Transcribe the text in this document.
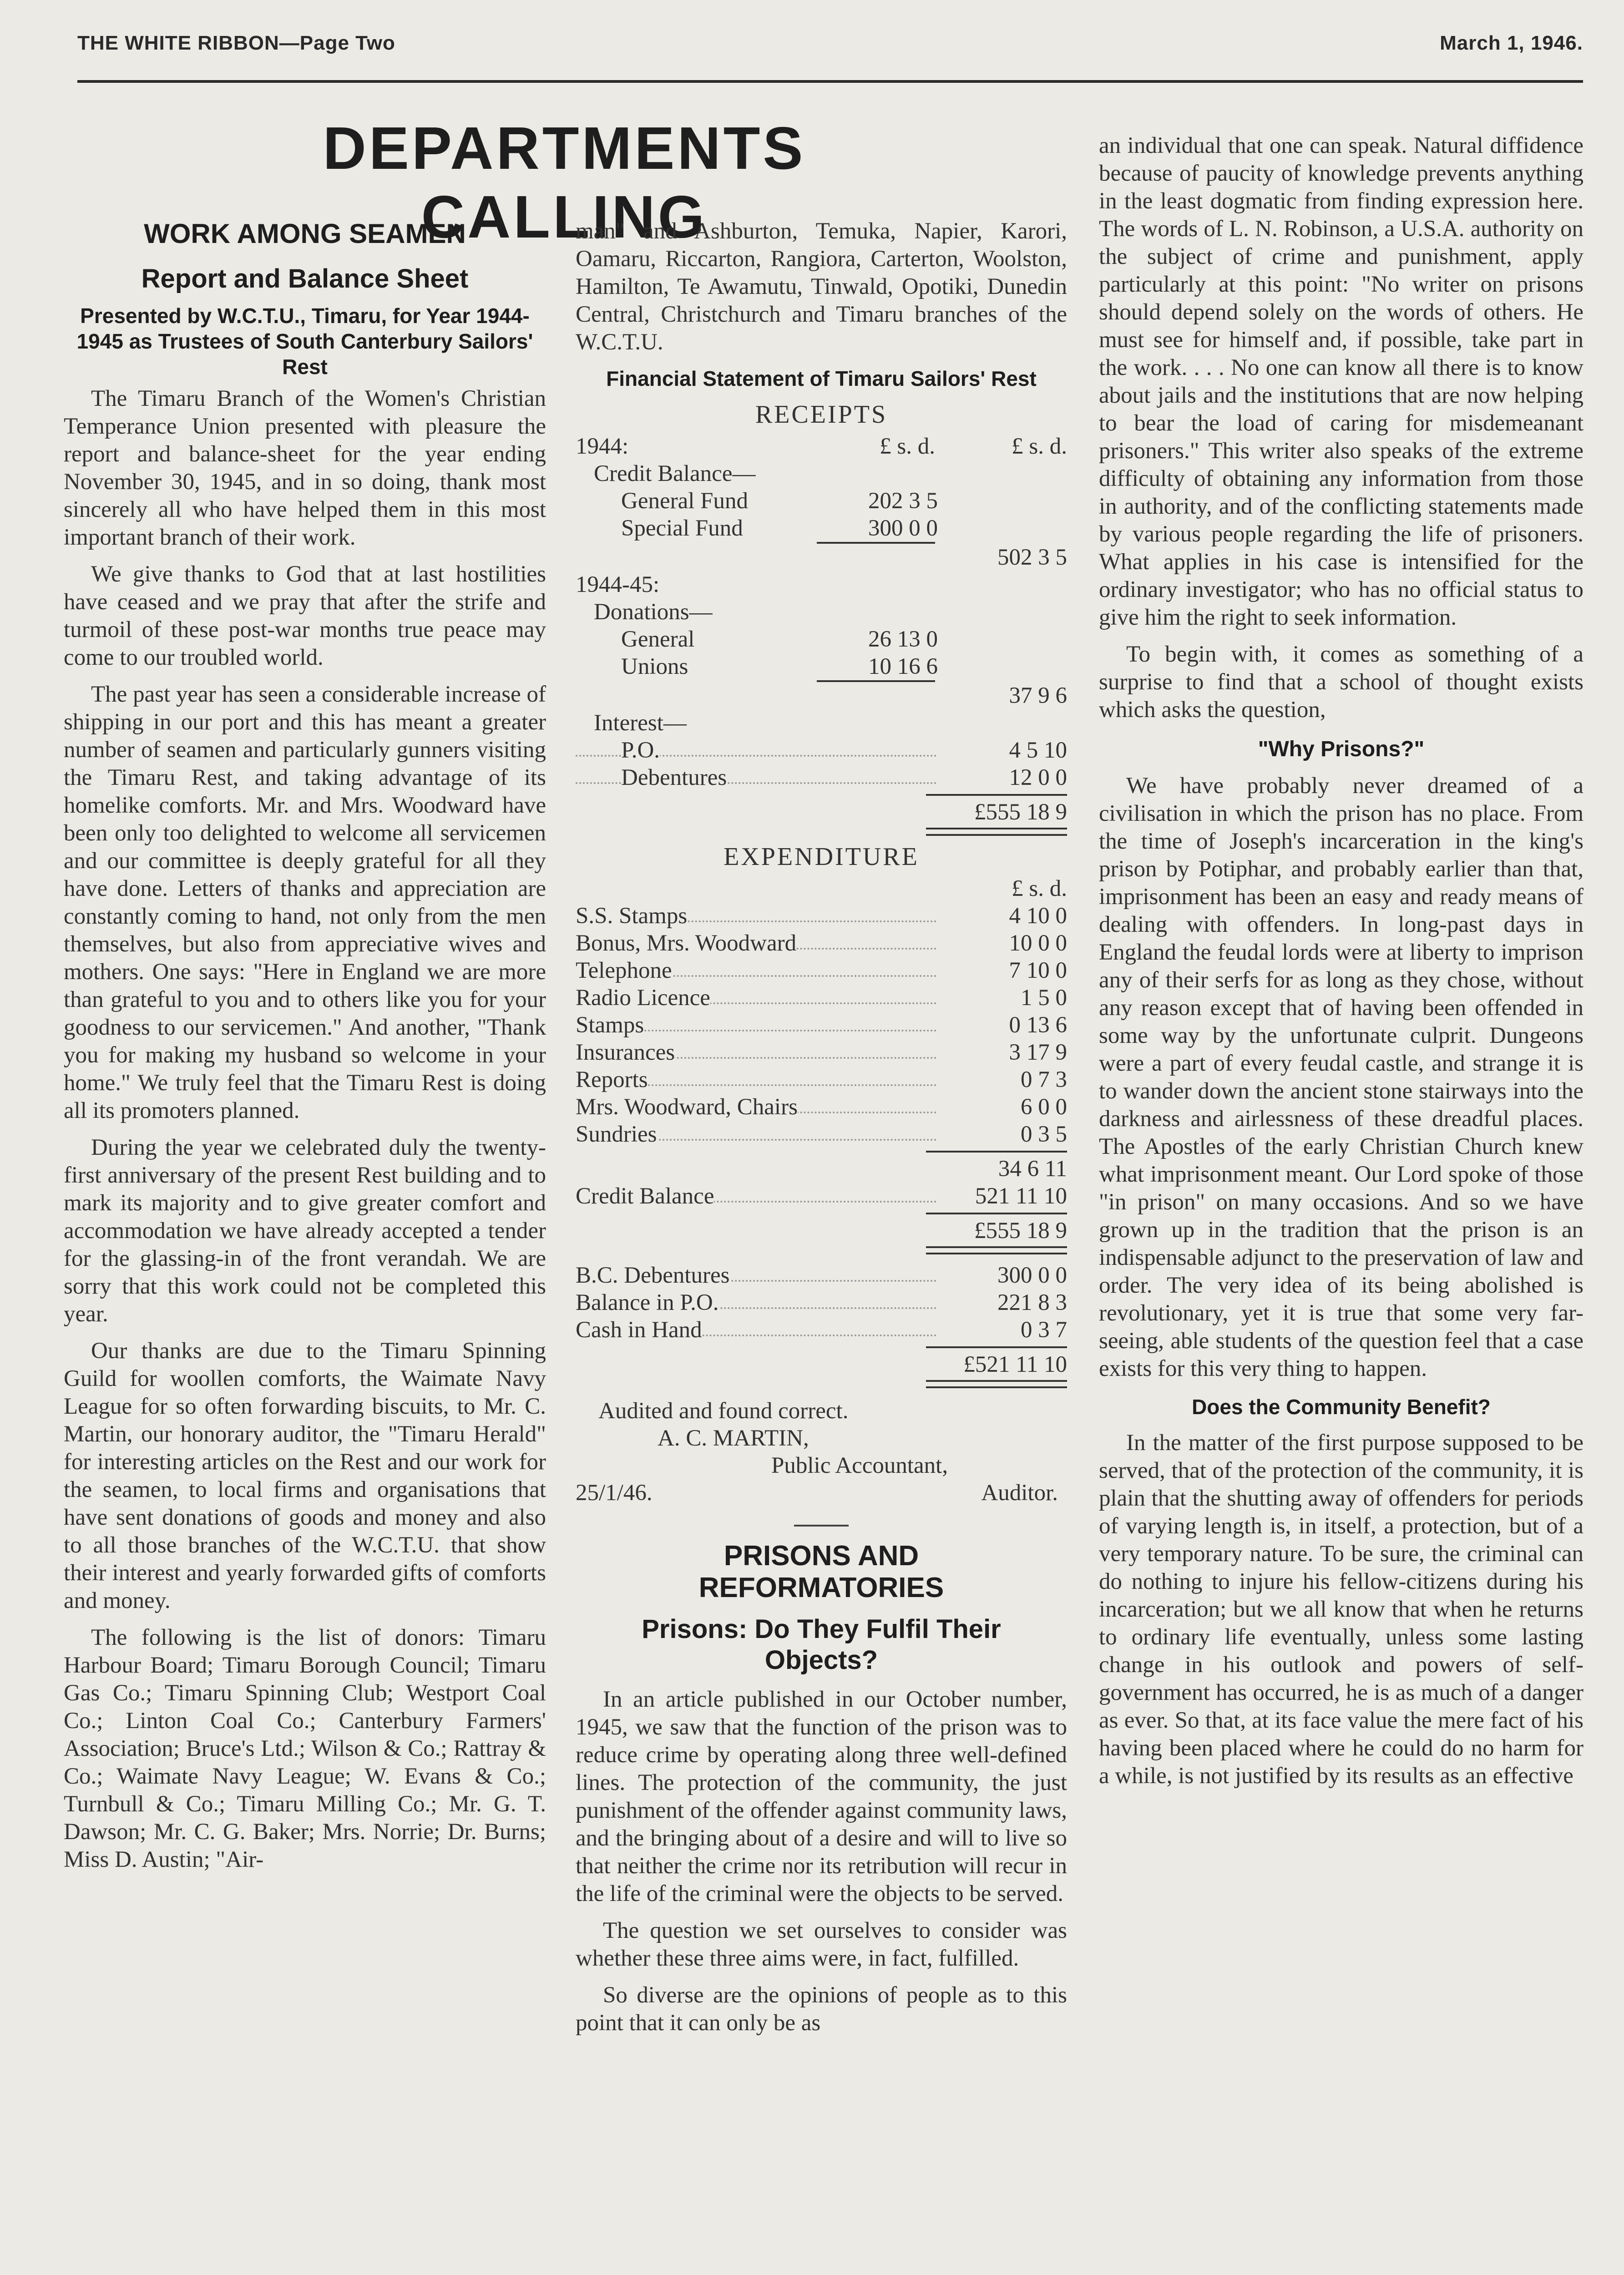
THE WHITE RIBBON—Page Two	March 1, 1946.
DEPARTMENTS CALLING
WORK AMONG SEAMEN
Report and Balance Sheet
Presented by W.C.T.U., Timaru, for Year 1944-1945 as Trustees of South Canterbury Sailors' Rest

The Timaru Branch of the Women's Christian Temperance Union presented with pleasure the report and balance-sheet for the year ending November 30, 1945, and in so doing, thank most sincerely all who have helped them in this most important branch of their work.

We give thanks to God that at last hostilities have ceased and we pray that after the strife and turmoil of these post-war months true peace may come to our troubled world.

The past year has seen a considerable increase of shipping in our port and this has meant a greater number of seamen and particularly gunners visiting the Timaru Rest, and taking advantage of its homelike comforts. Mr. and Mrs. Woodward have been only too delighted to welcome all servicemen and our committee is deeply grateful for all they have done. Letters of thanks and appreciation are constantly coming to hand, not only from the men themselves, but also from appreciative wives and mothers. One says: "Here in England we are more than grateful to you and to others like you for your goodness to our servicemen." And another, "Thank you for making my husband so welcome in your home." We truly feel that the Timaru Rest is doing all its promoters planned.

During the year we celebrated duly the twenty-first anniversary of the present Rest building and to mark its majority and to give greater comfort and accommodation we have already accepted a tender for the glassing-in of the front verandah. We are sorry that this work could not be completed this year.

Our thanks are due to the Timaru Spinning Guild for woollen comforts, the Waimate Navy League for so often forwarding biscuits, to Mr. C. Martin, our honorary auditor, the "Timaru Herald" for interesting articles on the Rest and our work for the seamen, to local firms and organisations that have sent donations of goods and money and also to all those branches of the W.C.T.U. that show their interest and yearly forwarded gifts of comforts and money.

The following is the list of donors: Timaru Harbour Board; Timaru Borough Council; Timaru Gas Co.; Timaru Spinning Club; Westport Coal Co.; Linton Coal Co.; Canterbury Farmers' Association; Bruce's Ltd.; Wilson & Co.; Rattray & Co.; Waimate Navy League; W. Evans & Co.; Turnbull & Co.; Timaru Milling Co.; Mr. G. T. Dawson; Mr. C. G. Baker; Mrs. Norrie; Dr. Burns; Miss D. Austin; "Air-

man" and Ashburton, Temuka, Napier, Karori, Oamaru, Riccarton, Rangiora, Carterton, Woolston, Hamilton, Te Awamutu, Tinwald, Opotiki, Dunedin Central, Christchurch and Timaru branches of the W.C.T.U.

Financial Statement of Timaru Sailors' Rest
RECEIPTS
1944:	£ s. d.	£ s. d.
Credit Balance—
General Fund	202 3 5
Special Fund	300 0 0
502 3 5
1944-45:
Donations—
General	26 13 0
Unions	10 16 6
37 9 6
Interest—
P.O.	4 5 10
Debentures	12 0 0
£555 18 9
EXPENDITURE
£ s. d.
S.S. Stamps	4 10 0
Bonus, Mrs. Woodward	10 0 0
Telephone	7 10 0
Radio Licence	1 5 0
Stamps	0 13 6
Insurances	3 17 9
Reports	0 7 3
Mrs. Woodward, Chairs	6 0 0
Sundries	0 3 5
34 6 11
Credit Balance	521 11 10
£555 18 9
B.C. Debentures	300 0 0
Balance in P.O.	221 8 3
Cash in Hand	0 3 7
£521 11 10
Audited and found correct.
A. C. MARTIN,
Public Accountant,
25/1/46.	Auditor.
PRISONS AND REFORMATORIES
Prisons: Do They Fulfil Their Objects?

In an article published in our October number, 1945, we saw that the function of the prison was to reduce crime by operating along three well-defined lines. The protection of the community, the just punishment of the offender against community laws, and the bringing about of a desire and will to live so that neither the crime nor its retribution will recur in the life of the criminal were the objects to be served.

The question we set ourselves to consider was whether these three aims were, in fact, fulfilled.

So diverse are the opinions of people as to this point that it can only be as

an individual that one can speak. Natural diffidence because of paucity of knowledge prevents anything in the least dogmatic from finding expression here. The words of L. N. Robinson, a U.S.A. authority on the subject of crime and punishment, apply particularly at this point: "No writer on prisons should depend solely on the words of others. He must see for himself and, if possible, take part in the work. . . . No one can know all there is to know about jails and the institutions that are now helping to bear the load of caring for misdemeanant prisoners." This writer also speaks of the extreme difficulty of obtaining any information from those in authority, and of the conflicting statements made by various people regarding the life of prisoners. What applies in his case is intensified for the ordinary investigator; who has no official status to give him the right to seek information.

To begin with, it comes as something of a surprise to find that a school of thought exists which asks the question,

"Why Prisons?"

We have probably never dreamed of a civilisation in which the prison has no place. From the time of Joseph's incarceration in the king's prison by Potiphar, and probably earlier than that, imprisonment has been an easy and ready means of dealing with offenders. In long-past days in England the feudal lords were at liberty to imprison any of their serfs for as long as they chose, without any reason except that of having been offended in some way by the unfortunate culprit. Dungeons were a part of every feudal castle, and strange it is to wander down the ancient stone stairways into the darkness and airlessness of these dreadful places. The Apostles of the early Christian Church knew what imprisonment meant. Our Lord spoke of those "in prison" on many occasions. And so we have grown up in the tradition that the prison is an indispensable adjunct to the preservation of law and order. The very idea of its being abolished is revolutionary, yet it is true that some very far-seeing, able students of the question feel that a case exists for this very thing to happen.

Does the Community Benefit?

In the matter of the first purpose supposed to be served, that of the protection of the community, it is plain that the shutting away of offenders for periods of varying length is, in itself, a protection, but of a very temporary nature. To be sure, the criminal can do nothing to injure his fellow-citizens during his incarceration; but we all know that when he returns to ordinary life eventually, unless some lasting change in his outlook and powers of self-government has occurred, he is as much of a danger as ever. So that, at its face value the mere fact of his having been placed where he could do no harm for a while, is not justified by its results as an effective
